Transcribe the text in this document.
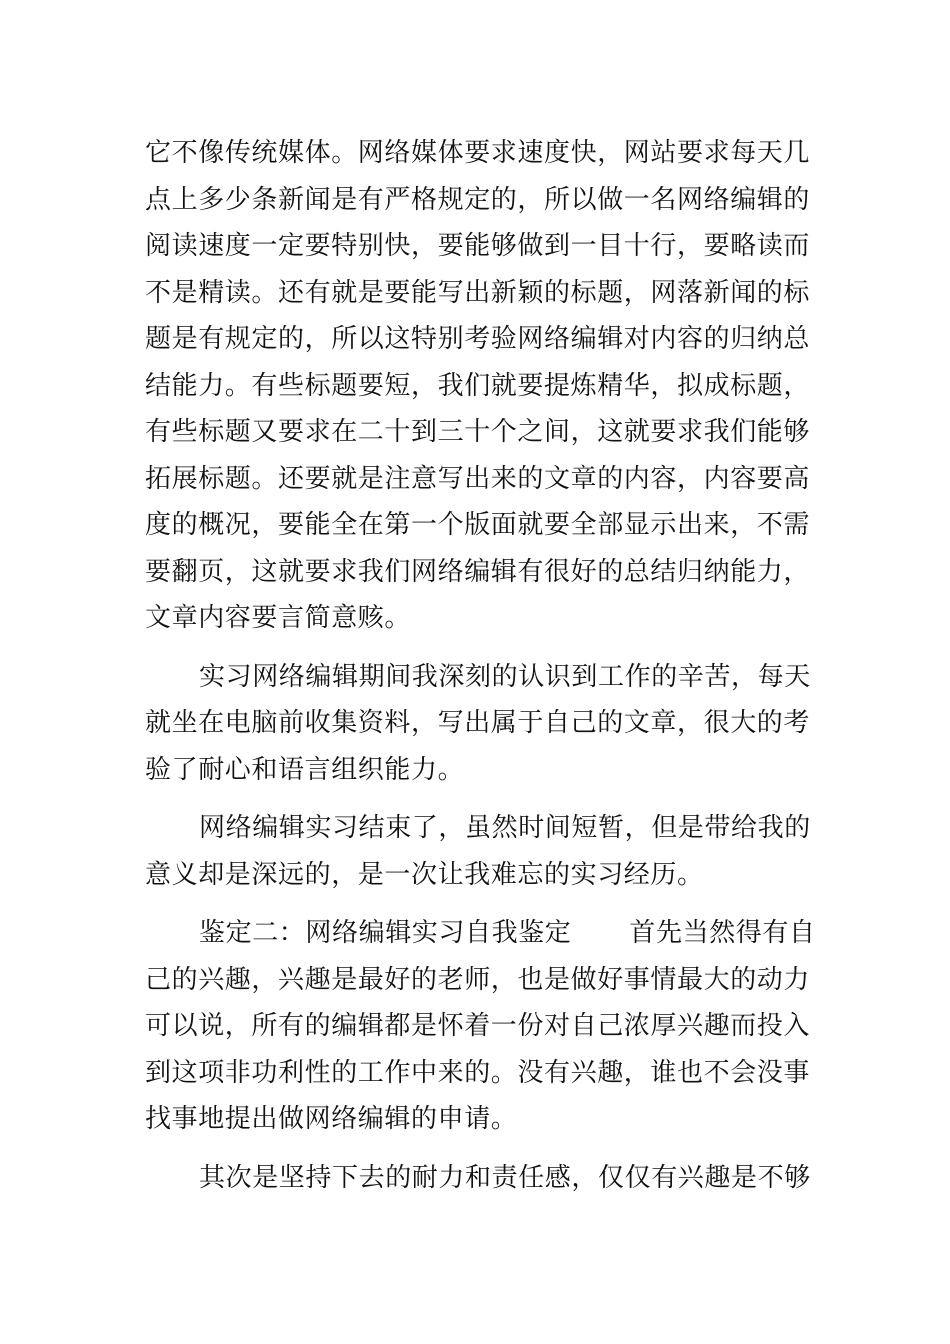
它不像传统媒体。网络媒体要求速度快，网站要求每天几
点上多少条新闻是有严格规定的，所以做一名网络编辑的
阅读速度一定要特别快，要能够做到一目十行，要略读而
不是精读。还有就是要能写出新颖的标题，网落新闻的标
题是有规定的，所以这特别考验网络编辑对内容的归纳总
结能力。有些标题要短，我们就要提炼精华，拟成标题，
有些标题又要求在二十到三十个之间，这就要求我们能够
拓展标题。还要就是注意写出来的文章的内容，内容要高
度的概况，要能全在第一个版面就要全部显示出来，不需
要翻页，这就要求我们网络编辑有很好的总结归纳能力，
文章内容要言简意赅。
实习网络编辑期间我深刻的认识到工作的辛苦，每天
就坐在电脑前收集资料，写出属于自己的文章，很大的考
验了耐心和语言组织能力。
网络编辑实习结束了，虽然时间短暂，但是带给我的
意义却是深远的，是一次让我难忘的实习经历。
鉴定二：网络编辑实习自我鉴定 首先当然得有自
己的兴趣，兴趣是最好的老师，也是做好事情最大的动力
可以说，所有的编辑都是怀着一份对自己浓厚兴趣而投入
到这项非功利性的工作中来的。没有兴趣，谁也不会没事
找事地提出做网络编辑的申请。
其次是坚持下去的耐力和责任感，仅仅有兴趣是不够
